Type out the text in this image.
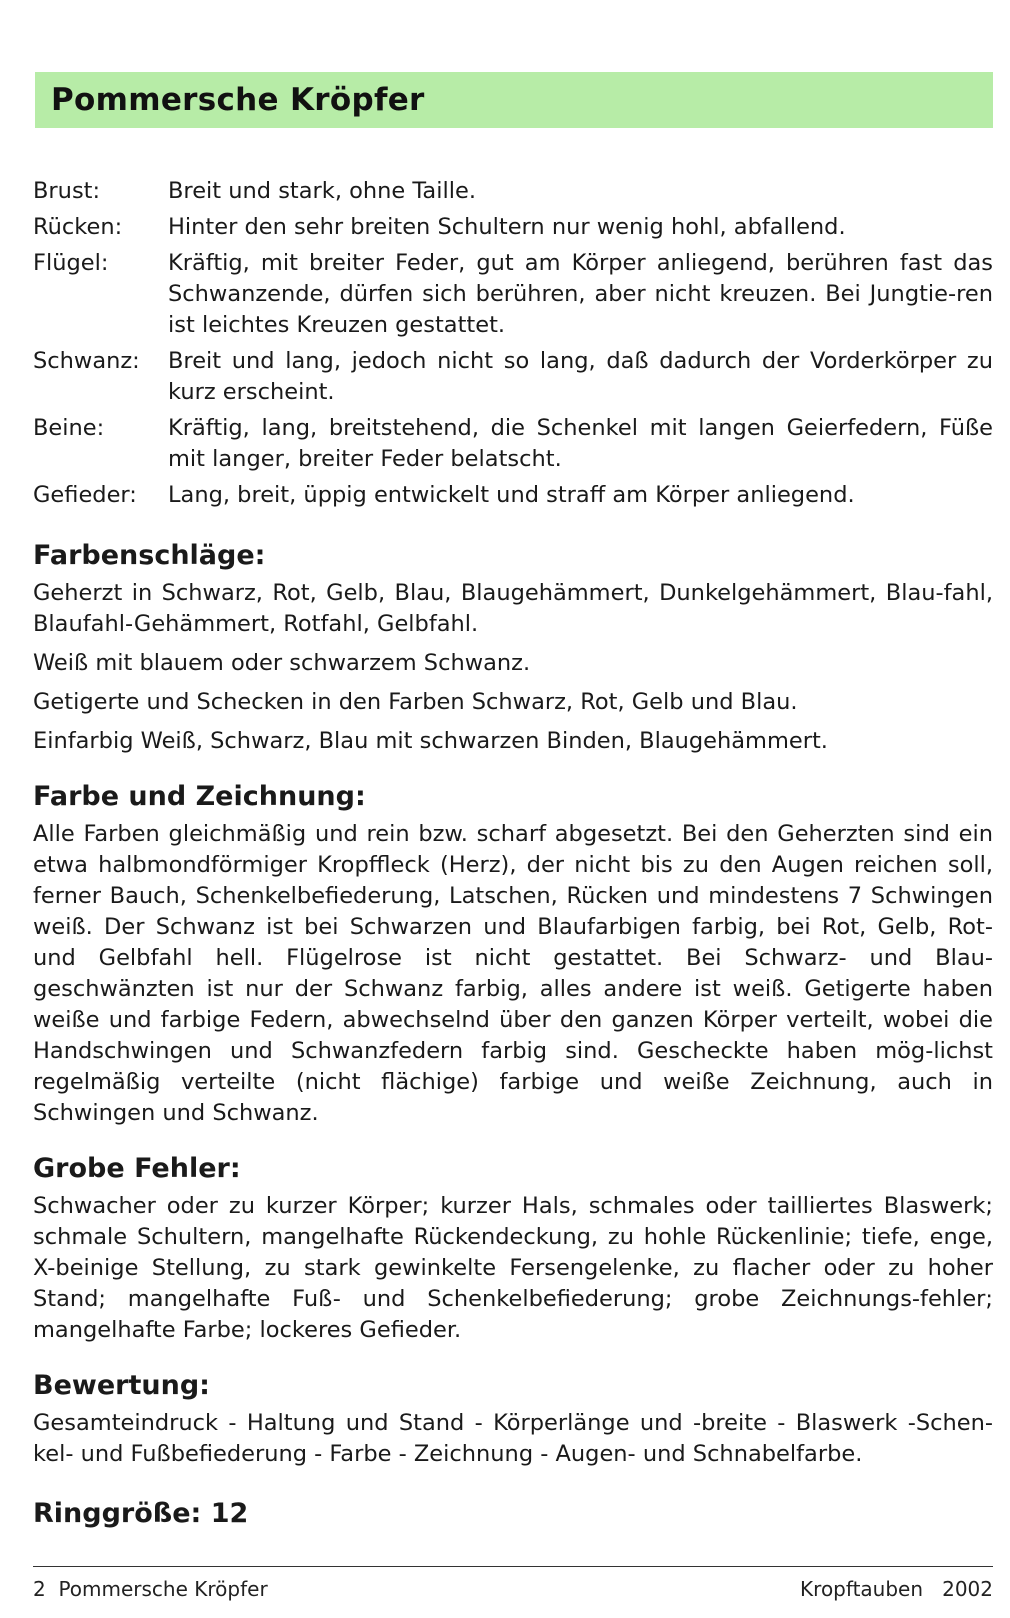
Pommersche Kröpfer
Brust:	Breit und stark, ohne Taille.
Rücken:	Hinter den sehr breiten Schultern nur wenig hohl, abfallend.
Flügel:	Kräftig, mit breiter Feder, gut am Körper anliegend, berühren fast das Schwanzende, dürfen sich berühren, aber nicht kreuzen. Bei Jungtie-ren ist leichtes Kreuzen gestattet.
Schwanz:	Breit und lang, jedoch nicht so lang, daß dadurch der Vorderkörper zu kurz erscheint.
Beine:	Kräftig, lang, breitstehend, die Schenkel mit langen Geierfedern, Füße mit langer, breiter Feder belatscht.
Gefieder:	Lang, breit, üppig entwickelt und straff am Körper anliegend.
Farbenschläge:

Geherzt in Schwarz, Rot, Gelb, Blau, Blaugehämmert, Dunkelgehämmert, Blau-fahl, Blaufahl-Gehämmert, Rotfahl, Gelbfahl.

Weiß mit blauem oder schwarzem Schwanz.

Getigerte und Schecken in den Farben Schwarz, Rot, Gelb und Blau.

Einfarbig Weiß, Schwarz, Blau mit schwarzen Binden, Blaugehämmert.

Farbe und Zeichnung:

Alle Farben gleichmäßig und rein bzw. scharf abgesetzt. Bei den Geherzten sind ein etwa halbmondförmiger Kropffleck (Herz), der nicht bis zu den Augen reichen soll, ferner Bauch, Schenkelbefiederung, Latschen, Rücken und mindestens 7 Schwingen weiß. Der Schwanz ist bei Schwarzen und Blaufarbigen farbig, bei Rot, Gelb, Rot- und Gelbfahl hell. Flügelrose ist nicht gestattet. Bei Schwarz- und Blau-geschwänzten ist nur der Schwanz farbig, alles andere ist weiß. Getigerte haben weiße und farbige Federn, abwechselnd über den ganzen Körper verteilt, wobei die Handschwingen und Schwanzfedern farbig sind. Gescheckte haben mög-lichst regelmäßig verteilte (nicht flächige) farbige und weiße Zeichnung, auch in Schwingen und Schwanz.

Grobe Fehler:

Schwacher oder zu kurzer Körper; kurzer Hals, schmales oder tailliertes Blaswerk; schmale Schultern, mangelhafte Rückendeckung, zu hohle Rückenlinie; tiefe, enge, X-beinige Stellung, zu stark gewinkelte Fersengelenke, zu flacher oder zu hoher Stand; mangelhafte Fuß- und Schenkelbefiederung; grobe Zeichnungs-fehler; mangelhafte Farbe; lockeres Gefieder.

Bewertung:

Gesamteindruck - Haltung und Stand - Körperlänge und -breite - Blaswerk -Schen-kel- und Fußbefiederung - Farbe - Zeichnung - Augen- und Schnabelfarbe.

Ringgröße: 12
2  Pommersche Kröpfer	Kropftauben   2002
